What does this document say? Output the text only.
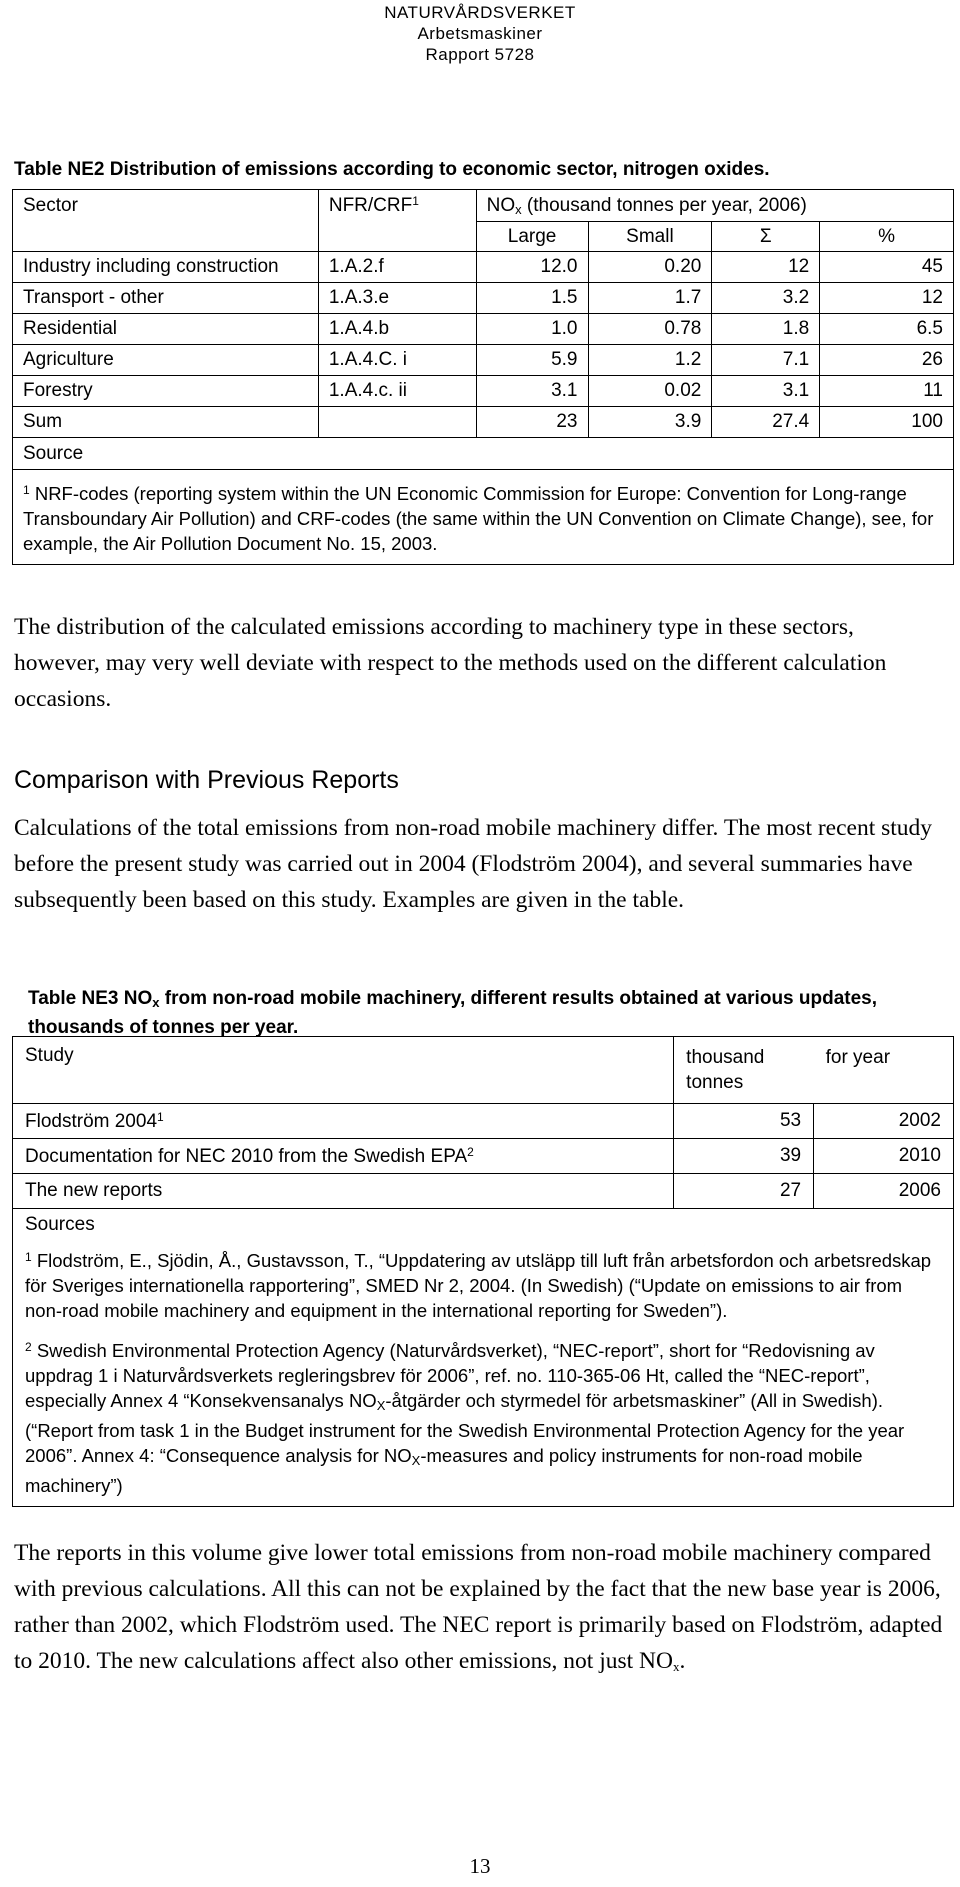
NATURVÅRDSVERKET
Arbetsmaskiner
Rapport 5728
Table NE2 Distribution of emissions according to economic sector, nitrogen oxides.
Sector	NFR/CRF$^1$	$NO_x$ (thousand tonnes per year, 2006)			
		Large	Small	Σ	%
Industry including construction	1.A.2.f	12.0	0.20	12	45
Transport - other	1.A.3.e	1.5	1.7	3.2	12
Residential	1.A.4.b	1.0	0.78	1.8	6.5
Agriculture	1.A.4.C. i	5.9	1.2	7.1	26
Forestry	1.A.4.c. ii	3.1	0.02	3.1	11
Sum		23	3.9	27.4	100
Source					
$^1$ NRF-codes (reporting system within the UN Economic Commission for Europe: Convention for Long-range Transboundary Air Pollution) and CRF-codes (the same within the UN Convention on Climate Change), see, for example, the Air Pollution Document No. 15, 2003.					
The distribution of the calculated emissions according to machinery type in these sectors, however, may very well deviate with respect to the methods used on the different calculation occasions.
Comparison with Previous Reports
Calculations of the total emissions from non-road mobile machinery differ. The most recent study before the present study was carried out in 2004 (Flodström 2004), and several summaries have subsequently been based on this study. Examples are given in the table.
Table NE3 $NO_x$ from non-road mobile machinery, different results obtained at various updates, thousands of tonnes per year.
Study	thousand tonnes	for year
Flodström 2004$^1$	53	2002
Documentation for NEC 2010 from the Swedish EPA$^2$	39	2010
The new reports	27	2006
Sources		

$^1$ Flodström, E., Sjödin, Å., Gustavsson, T., “Uppdatering av utsläpp till luft från arbetsfordon och arbetsredskap för Sveriges internationella rapportering”, SMED Nr 2, 2004. (In Swedish) (“Update on emissions to air from non-road mobile machinery and equipment in the international reporting for Sweden”).

$^2$ Swedish Environmental Protection Agency (Naturvårdsverket), “NEC-report”, short for “Redovisning av uppdrag 1 i Naturvårdsverkets regleringsbrev för 2006”, ref. no. 110-365-06 Ht, called the “NEC-report”, especially Annex 4 “Konsekvensanalys $NO_X$-åtgärder och styrmedel för arbetsmaskiner” (All in Swedish). (“Report from task 1 in the Budget instrument for the Swedish Environmental Protection Agency for the year 2006”. Annex 4: “Consequence analysis for $NO_X$-measures and policy instruments for non-road mobile machinery”)		

The reports in this volume give lower total emissions from non-road mobile machinery compared with previous calculations. All this can not be explained by the fact that the new base year is 2006, rather than 2002, which Flodström used. The NEC report is primarily based on Flodström, adapted to 2010. The new calculations affect also other emissions, not just $NO_x$.
13
